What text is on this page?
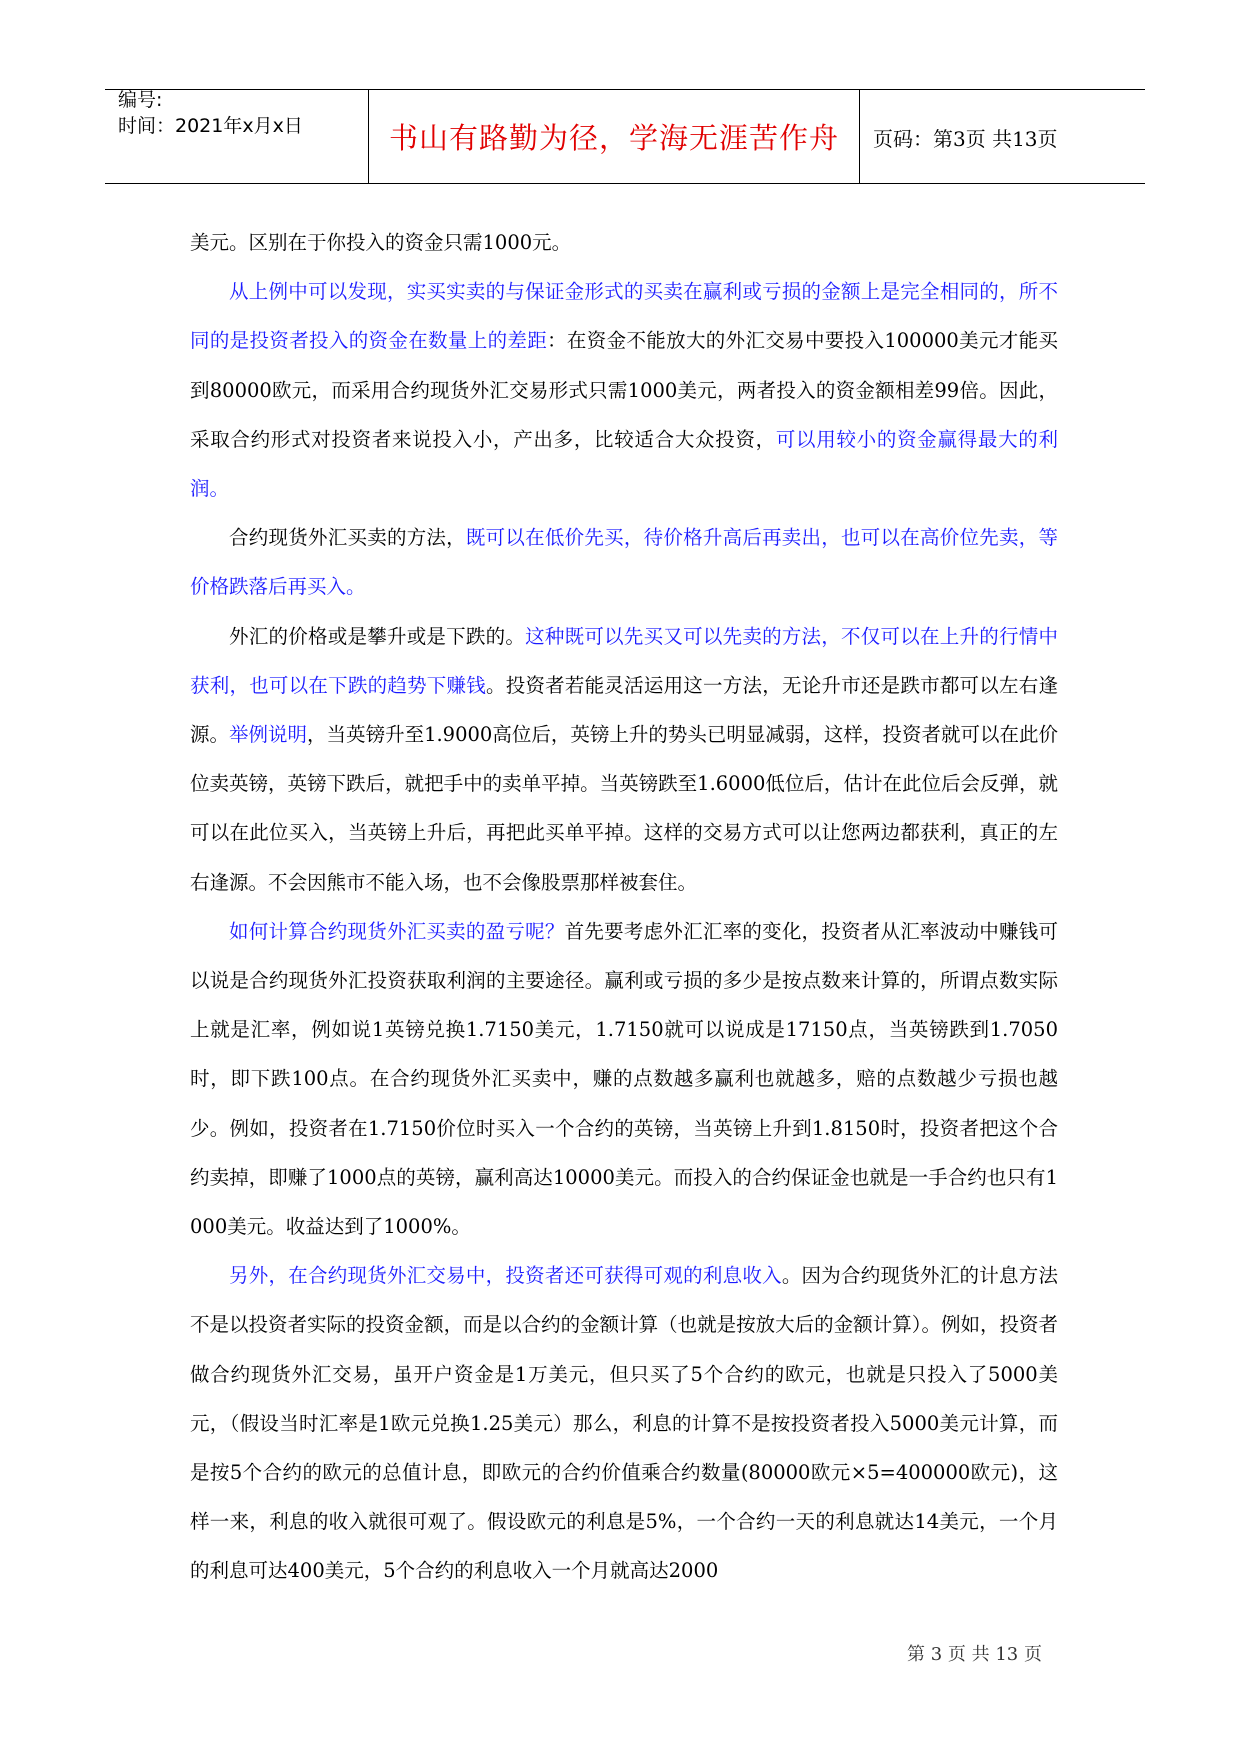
编号:
时间：2021年x月x日	书山有路勤为径，学海无涯苦作舟	页码：第3页 共13页

美元。区别在于你投入的资金只需1000元。

从上例中可以发现，实买实卖的与保证金形式的买卖在赢利或亏损的金额上是完全相同的，所不同的是投资者投入的资金在数量上的差距：在资金不能放大的外汇交易中要投入100000美元才能买到80000欧元，而采用合约现货外汇交易形式只需1000美元，两者投入的资金额相差99倍。因此，采取合约形式对投资者来说投入小，产出多，比较适合大众投资，可以用较小的资金赢得最大的利润。

合约现货外汇买卖的方法，既可以在低价先买，待价格升高后再卖出，也可以在高价位先卖，等价格跌落后再买入。

外汇的价格或是攀升或是下跌的。这种既可以先买又可以先卖的方法，不仅可以在上升的行情中获利，也可以在下跌的趋势下赚钱。投资者若能灵活运用这一方法，无论升市还是跌市都可以左右逢源。举例说明，当英镑升至1.9000高位后，英镑上升的势头已明显减弱，这样，投资者就可以在此价位卖英镑，英镑下跌后，就把手中的卖单平掉。当英镑跌至1.6000低位后，估计在此位后会反弹，就可以在此位买入，当英镑上升后，再把此买单平掉。这样的交易方式可以让您两边都获利，真正的左右逢源。不会因熊市不能入场，也不会像股票那样被套住。

如何计算合约现货外汇买卖的盈亏呢？首先要考虑外汇汇率的变化，投资者从汇率波动中赚钱可以说是合约现货外汇投资获取利润的主要途径。赢利或亏损的多少是按点数来计算的，所谓点数实际上就是汇率，例如说1英镑兑换1.7150美元，1.7150就可以说成是17150点，当英镑跌到1.7050时，即下跌100点。在合约现货外汇买卖中，赚的点数越多赢利也就越多，赔的点数越少亏损也越少。例如，投资者在1.7150价位时买入一个合约的英镑，当英镑上升到1.8150时，投资者把这个合约卖掉，即赚了1000点的英镑，赢利高达10000美元。而投入的合约保证金也就是一手合约也只有1000美元。收益达到了1000%。

另外，在合约现货外汇交易中，投资者还可获得可观的利息收入。因为合约现货外汇的计息方法不是以投资者实际的投资金额，而是以合约的金额计算（也就是按放大后的金额计算）。例如，投资者做合约现货外汇交易，虽开户资金是1万美元，但只买了5个合约的欧元，也就是只投入了5000美元，（假设当时汇率是1欧元兑换1.25美元）那么，利息的计算不是按投资者投入5000美元计算，而是按5个合约的欧元的总值计息，即欧元的合约价值乘合约数量(80000欧元×5=400000欧元)，这样一来，利息的收入就很可观了。假设欧元的利息是5%，一个合约一天的利息就达14美元，一个月的利息可达400美元，5个合约的利息收入一个月就高达2000

第 3 页 共 13 页
